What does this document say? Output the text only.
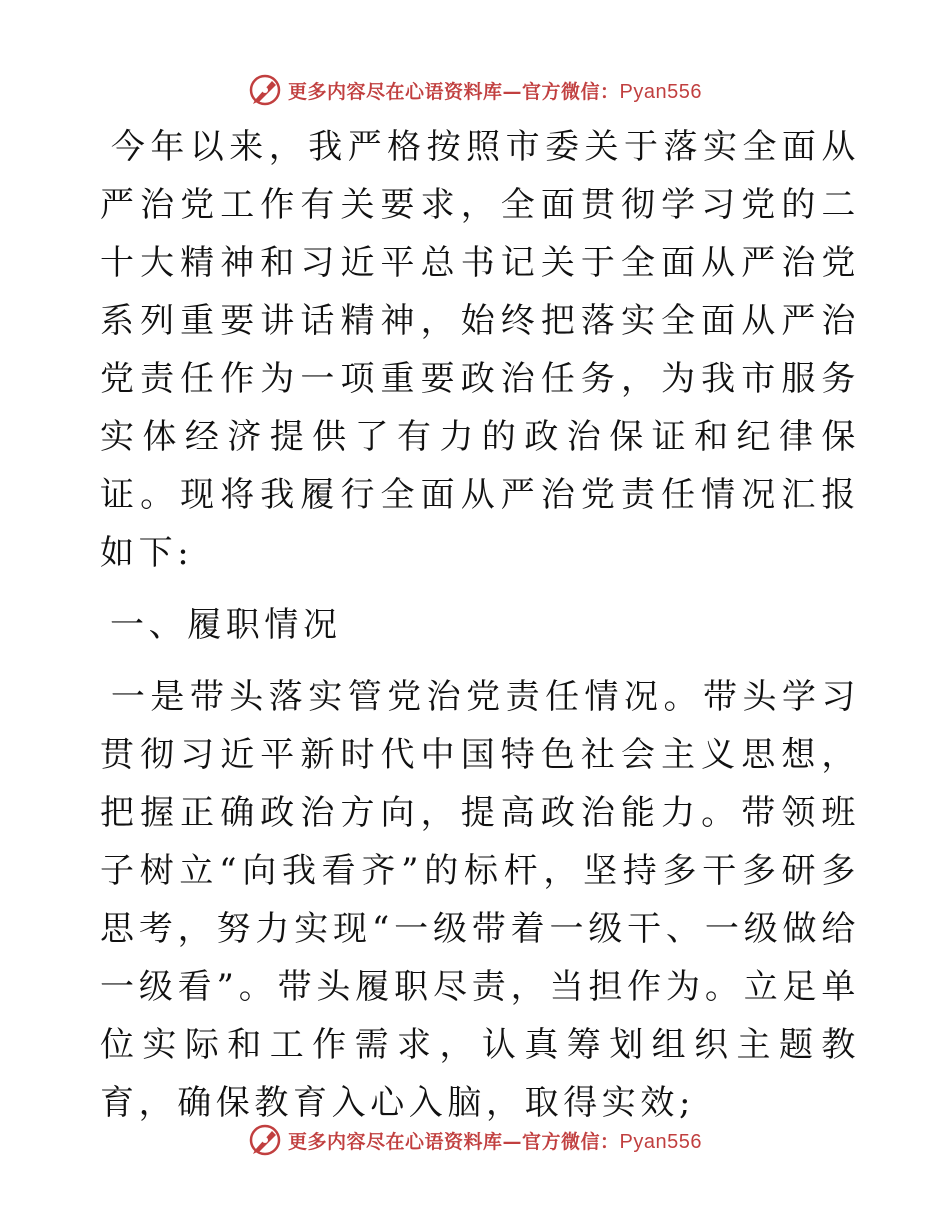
更多内容尽在心语资料库—官方微信：Pyan556

今年以来，我严格按照市委关于落实全面从严治党工作有关要求，全面贯彻学习党的二十大精神和习近平总书记关于全面从严治党系列重要讲话精神，始终把落实全面从严治党责任作为一项重要政治任务，为我市服务实体经济提供了有力的政治保证和纪律保证。现将我履行全面从严治党责任情况汇报如下:

一、履职情况

一是带头落实管党治党责任情况。带头学习贯彻习近平新时代中国特色社会主义思想，把握正确政治方向，提高政治能力。带领班子树立“向我看齐”的标杆，坚持多干多研多思考，努力实现“一级带着一级干、一级做给一级看”。带头履职尽责，当担作为。立足单位实际和工作需求，认真筹划组织主题教育，确保教育入心入脑，取得实效;

更多内容尽在心语资料库—官方微信：Pyan556
